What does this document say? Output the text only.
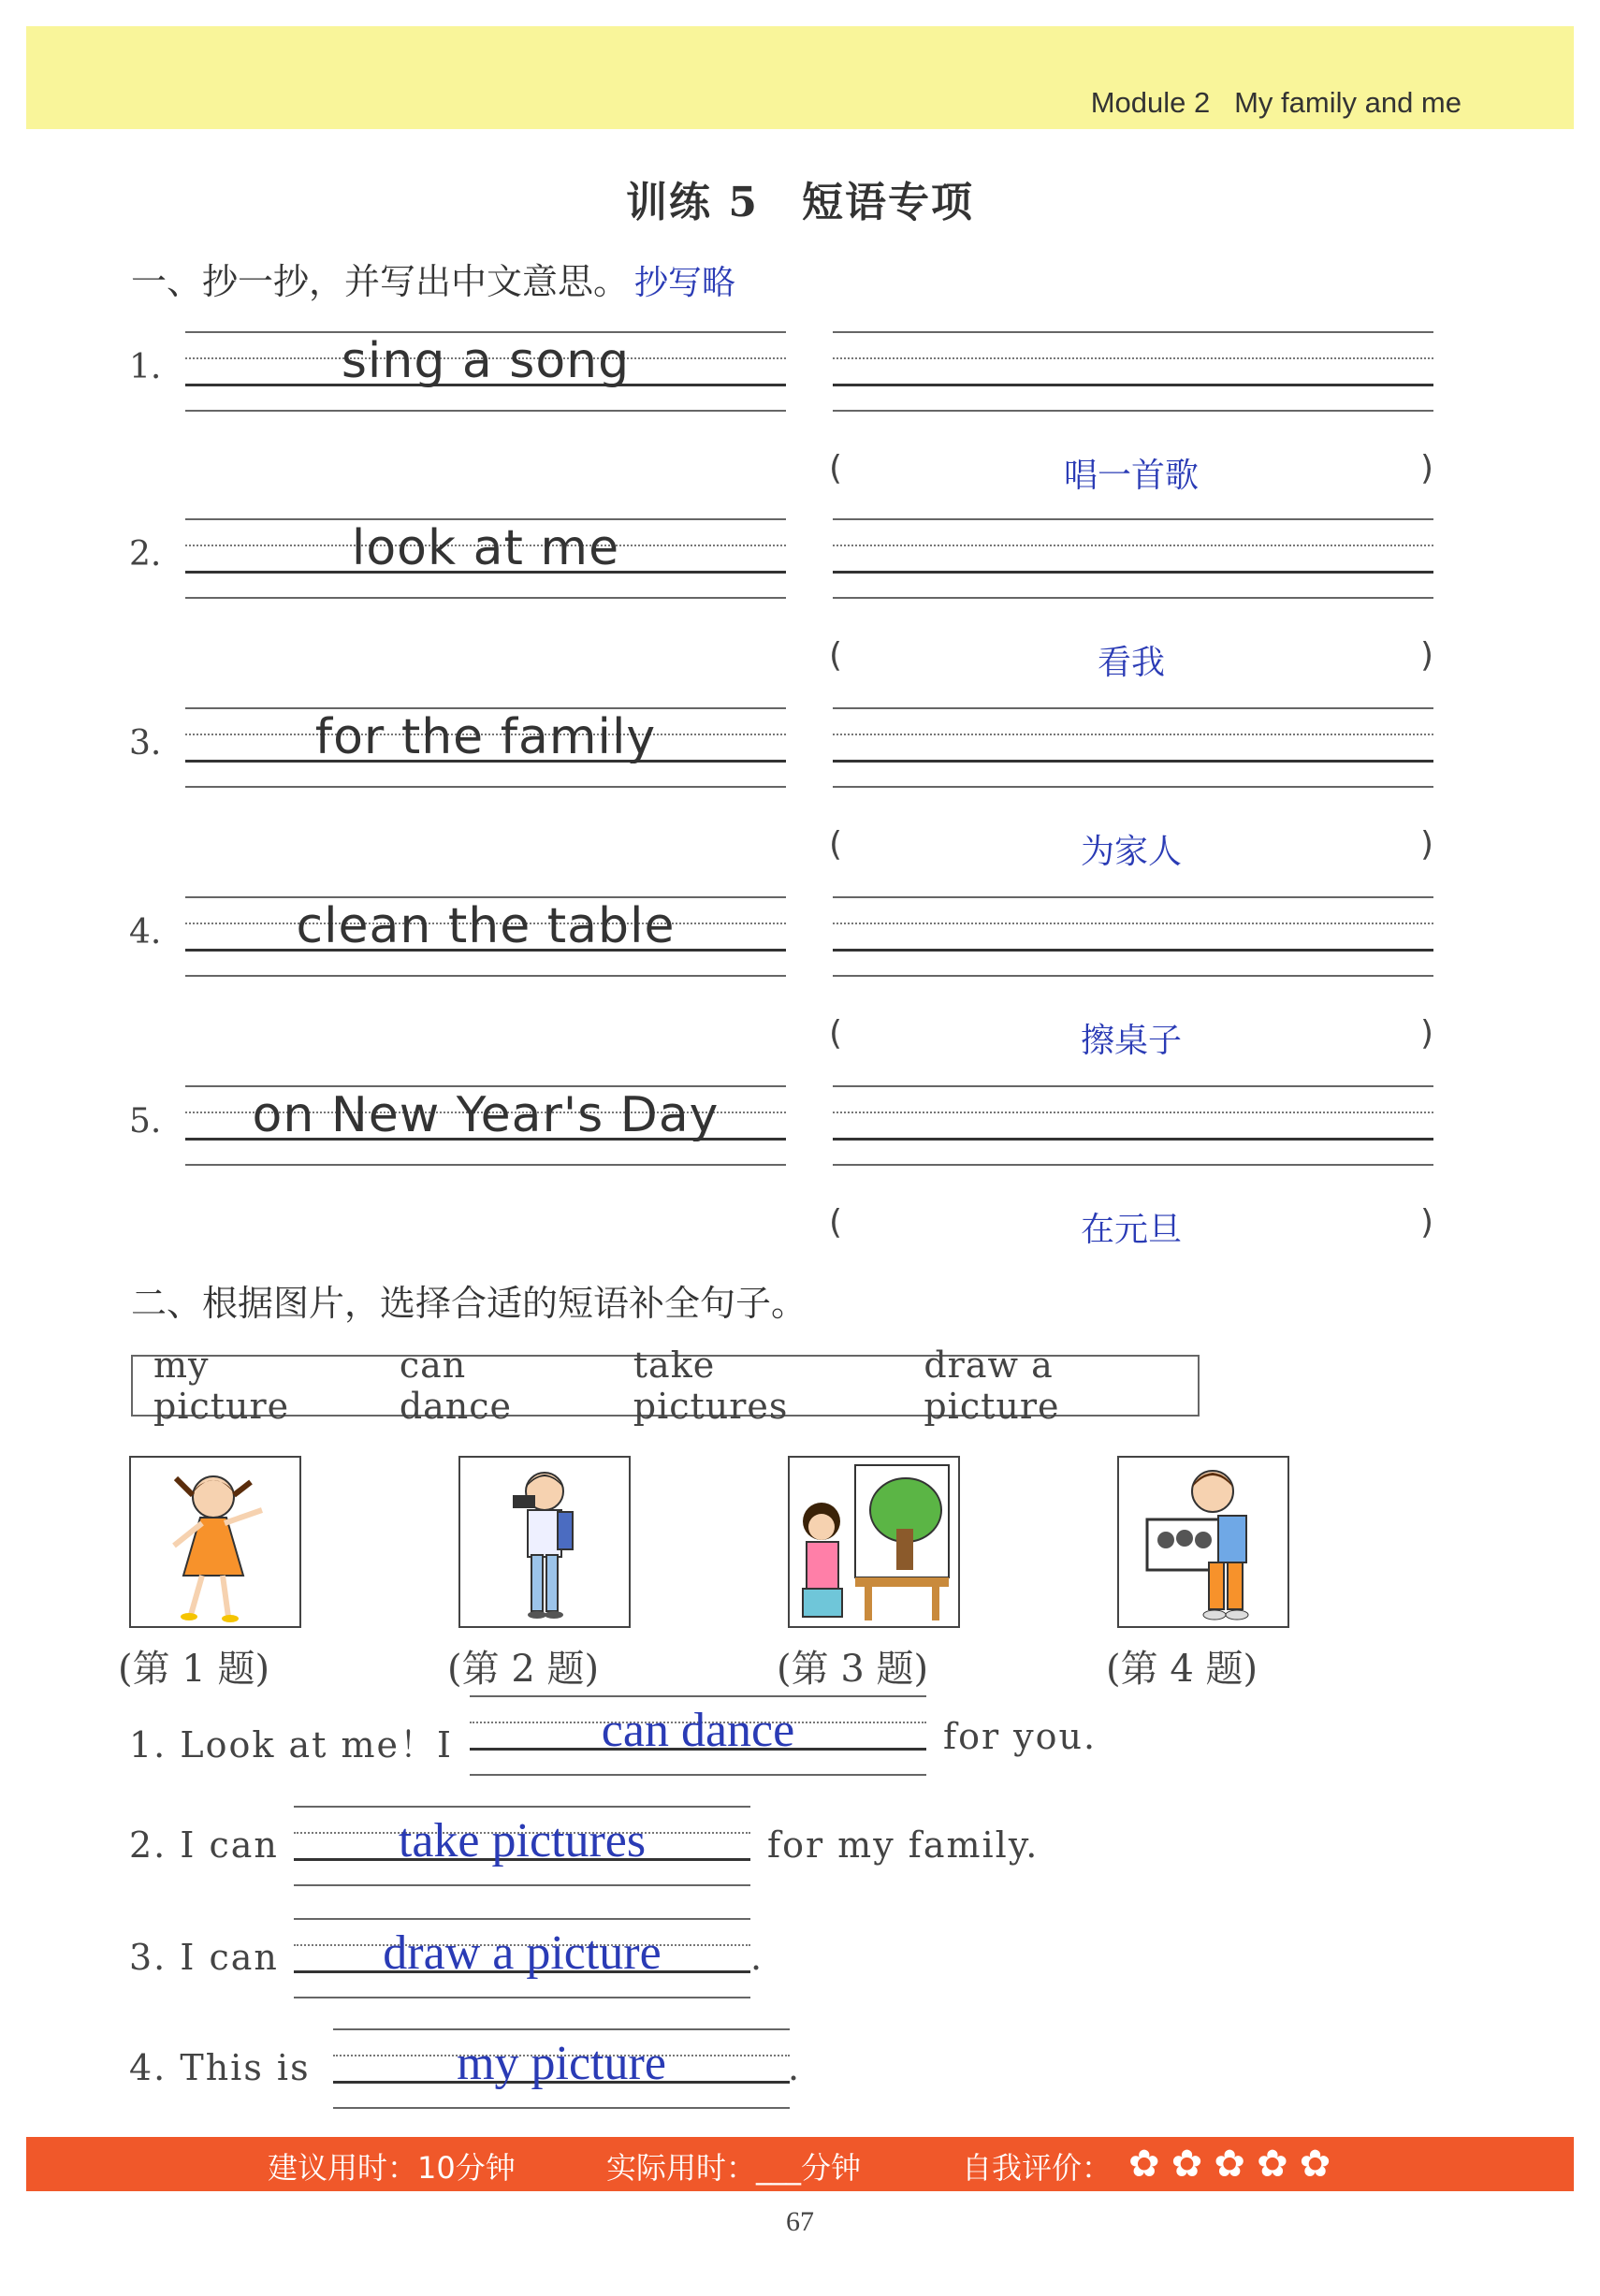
Module 2 My family and me
训练 5　短语专项
一、抄一抄，并写出中文意思。 抄写略
1.	sing a song
(	唱一首歌	)
2.	look at me
(	看我	)
3.	for the family
(	为家人	)
4.	clean the table
(	擦桌子	)
5.	on New Year's Day
(	在元旦	)
二、根据图片，选择合适的短语补全句子。
my picture
can dance
take pictures
draw a picture
(第 1 题)	(第 2 题)	(第 3 题)	(第 4 题)
1. Look at me！I	can dance	for you.
2. I can	take pictures	for my family.
3. I can	draw a picture	.
4. This is	my picture	.
建议用时：10分钟	实际用时：___分钟	自我评价： ✿ ✿ ✿ ✿ ✿
67
